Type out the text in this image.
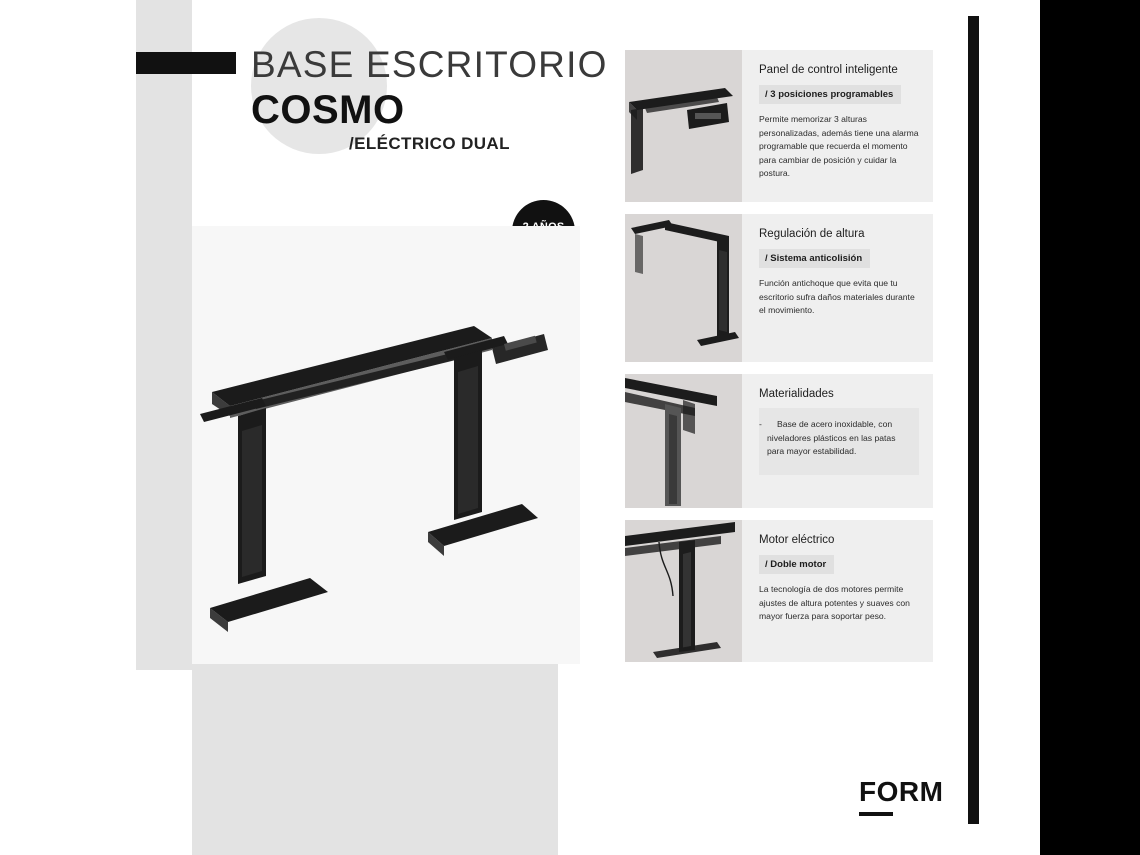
BASE ESCRITORIO
COSMO
/ELÉCTRICO DUAL
Panel de control inteligente
/ 3 posiciones programables
Permite memorizar 3 alturas personalizadas, además tiene una alarma programable que recuerda el momento para cambiar de posición y cuidar la postura.
Regulación de altura
/ Sistema anticolisión
Función antichoque que evita que tu escritorio sufra daños materiales durante el movimiento.
Materialidades
- Base de acero inoxidable, con niveladores plásticos en las patas para mayor estabilidad.
Motor eléctrico
/ Doble motor
La tecnología de dos motores permite ajustes de altura potentes y suaves con mayor fuerza para soportar peso.
FORM
